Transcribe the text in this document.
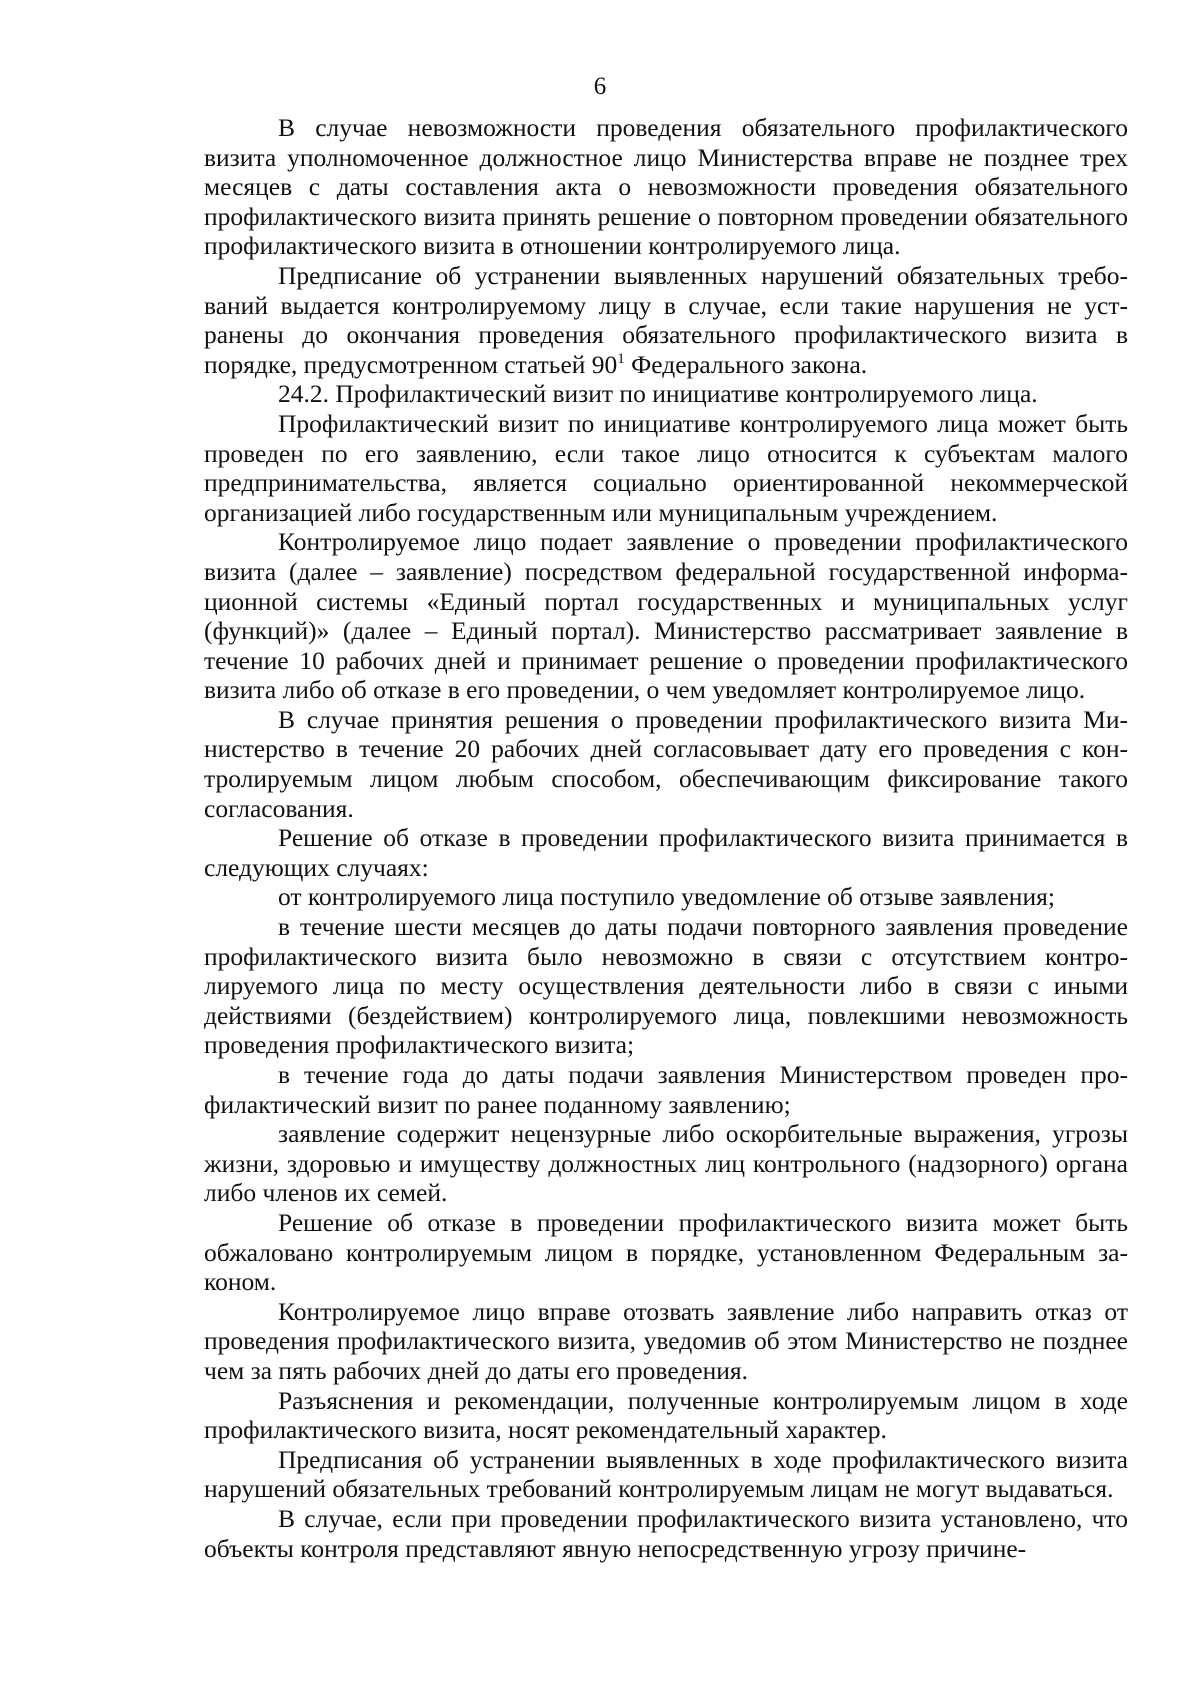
6

В случае невозможности проведения обязательного профилактического визита уполномоченное должностное лицо Министерства вправе не позднее трех месяцев с даты составления акта о невозможности проведения обязательного профилактического визита принять решение о повторном проведении обязательного профилактического визита в отношении контролируемого лица.

Предписание об устранении выявленных нарушений обязательных требований выдается контролируемому лицу в случае, если такие нарушения не устранены до окончания проведения обязательного профилактического визита в порядке, предусмотренном статьей $90^1$ Федерального закона.

24.2. Профилактический визит по инициативе контролируемого лица.

Профилактический визит по инициативе контролируемого лица может быть проведен по его заявлению, если такое лицо относится к субъектам малого предпринимательства, является социально ориентированной некоммерческой организацией либо государственным или муниципальным учреждением.

Контролируемое лицо подает заявление о проведении профилактического визита (далее – заявление) посредством федеральной государственной информационной системы «Единый портал государственных и муниципальных услуг (функций)» (далее – Единый портал). Министерство рассматривает заявление в течение 10 рабочих дней и принимает решение о проведении профилактического визита либо об отказе в его проведении, о чем уведомляет контролируемое лицо.

В случае принятия решения о проведении профилактического визита Министерство в течение 20 рабочих дней согласовывает дату его проведения с контролируемым лицом любым способом, обеспечивающим фиксирование такого согласования.

Решение об отказе в проведении профилактического визита принимается в следующих случаях:

от контролируемого лица поступило уведомление об отзыве заявления;

в течение шести месяцев до даты подачи повторного заявления проведение профилактического визита было невозможно в связи с отсутствием контролируемого лица по месту осуществления деятельности либо в связи с иными действиями (бездействием) контролируемого лица, повлекшими невозможность проведения профилактического визита;

в течение года до даты подачи заявления Министерством проведен профилактический визит по ранее поданному заявлению;

заявление содержит нецензурные либо оскорбительные выражения, угрозы жизни, здоровью и имуществу должностных лиц контрольного (надзорного) органа либо членов их семей.

Решение об отказе в проведении профилактического визита может быть обжаловано контролируемым лицом в порядке, установленном Федеральным законом.

Контролируемое лицо вправе отозвать заявление либо направить отказ от проведения профилактического визита, уведомив об этом Министерство не позднее чем за пять рабочих дней до даты его проведения.

Разъяснения и рекомендации, полученные контролируемым лицом в ходе профилактического визита, носят рекомендательный характер.

Предписания об устранении выявленных в ходе профилактического визита нарушений обязательных требований контролируемым лицам не могут выдаваться.

В случае, если при проведении профилактического визита установлено, что объекты контроля представляют явную непосредственную угрозу причине-
